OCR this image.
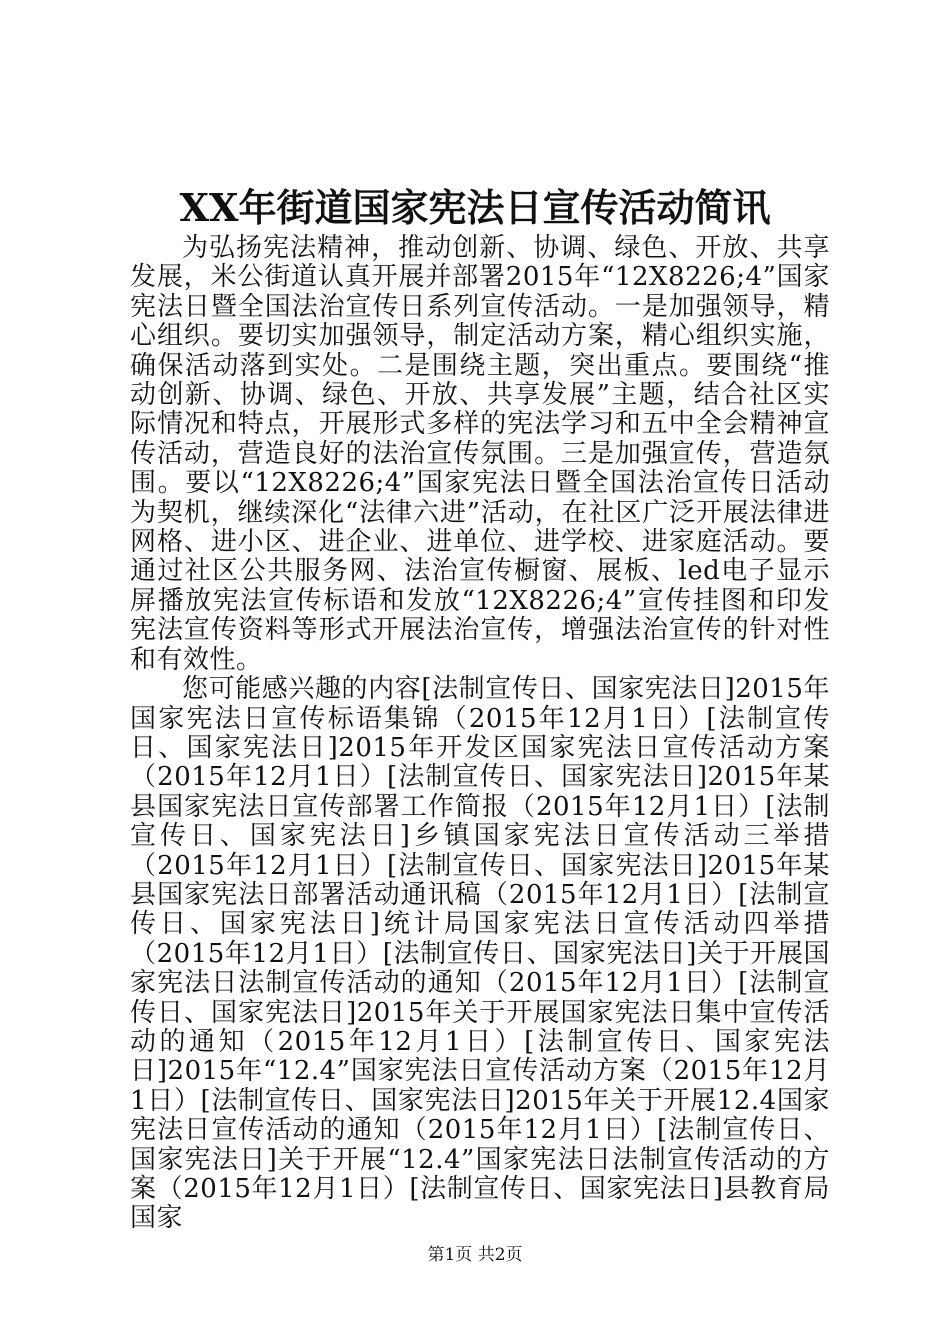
XX年街道国家宪法日宣传活动简讯

为弘扬宪法精神，推动创新、协调、绿色、开放、共享发展，米公街道认真开展并部署2015年“12X8226;4”国家宪法日暨全国法治宣传日系列宣传活动。一是加强领导，精心组织。要切实加强领导，制定活动方案，精心组织实施，确保活动落到实处。二是围绕主题，突出重点。要围绕“推动创新、协调、绿色、开放、共享发展”主题，结合社区实际情况和特点，开展形式多样的宪法学习和五中全会精神宣传活动，营造良好的法治宣传氛围。三是加强宣传，营造氛围。要以“12X8226;4”国家宪法日暨全国法治宣传日活动为契机，继续深化“法律六进”活动，在社区广泛开展法律进网格、进小区、进企业、进单位、进学校、进家庭活动。要通过社区公共服务网、法治宣传橱窗、展板、led电子显示屏播放宪法宣传标语和发放“12X8226;4”宣传挂图和印发宪法宣传资料等形式开展法治宣传，增强法治宣传的针对性和有效性。

您可能感兴趣的内容[法制宣传日、国家宪法日]2015年国家宪法日宣传标语集锦（2015年12月1日）[法制宣传日、国家宪法日]2015年开发区国家宪法日宣传活动方案（2015年12月1日）[法制宣传日、国家宪法日]2015年某县国家宪法日宣传部署工作简报（2015年12月1日）[法制宣传日、国家宪法日]乡镇国家宪法日宣传活动三举措（2015年12月1日）[法制宣传日、国家宪法日]2015年某县国家宪法日部署活动通讯稿（2015年12月1日）[法制宣传日、国家宪法日]统计局国家宪法日宣传活动四举措（2015年12月1日）[法制宣传日、国家宪法日]关于开展国家宪法日法制宣传活动的通知（2015年12月1日）[法制宣传日、国家宪法日]2015年关于开展国家宪法日集中宣传活动的通知（2015年12月1日）[法制宣传日、国家宪法日]2015年“12.4”国家宪法日宣传活动方案（2015年12月1日）[法制宣传日、国家宪法日]2015年关于开展12.4国家宪法日宣传活动的通知（2015年12月1日）[法制宣传日、国家宪法日]关于开展“12.4”国家宪法日法制宣传活动的方案（2015年12月1日）[法制宣传日、国家宪法日]县教育局国家

第1页 共2页
